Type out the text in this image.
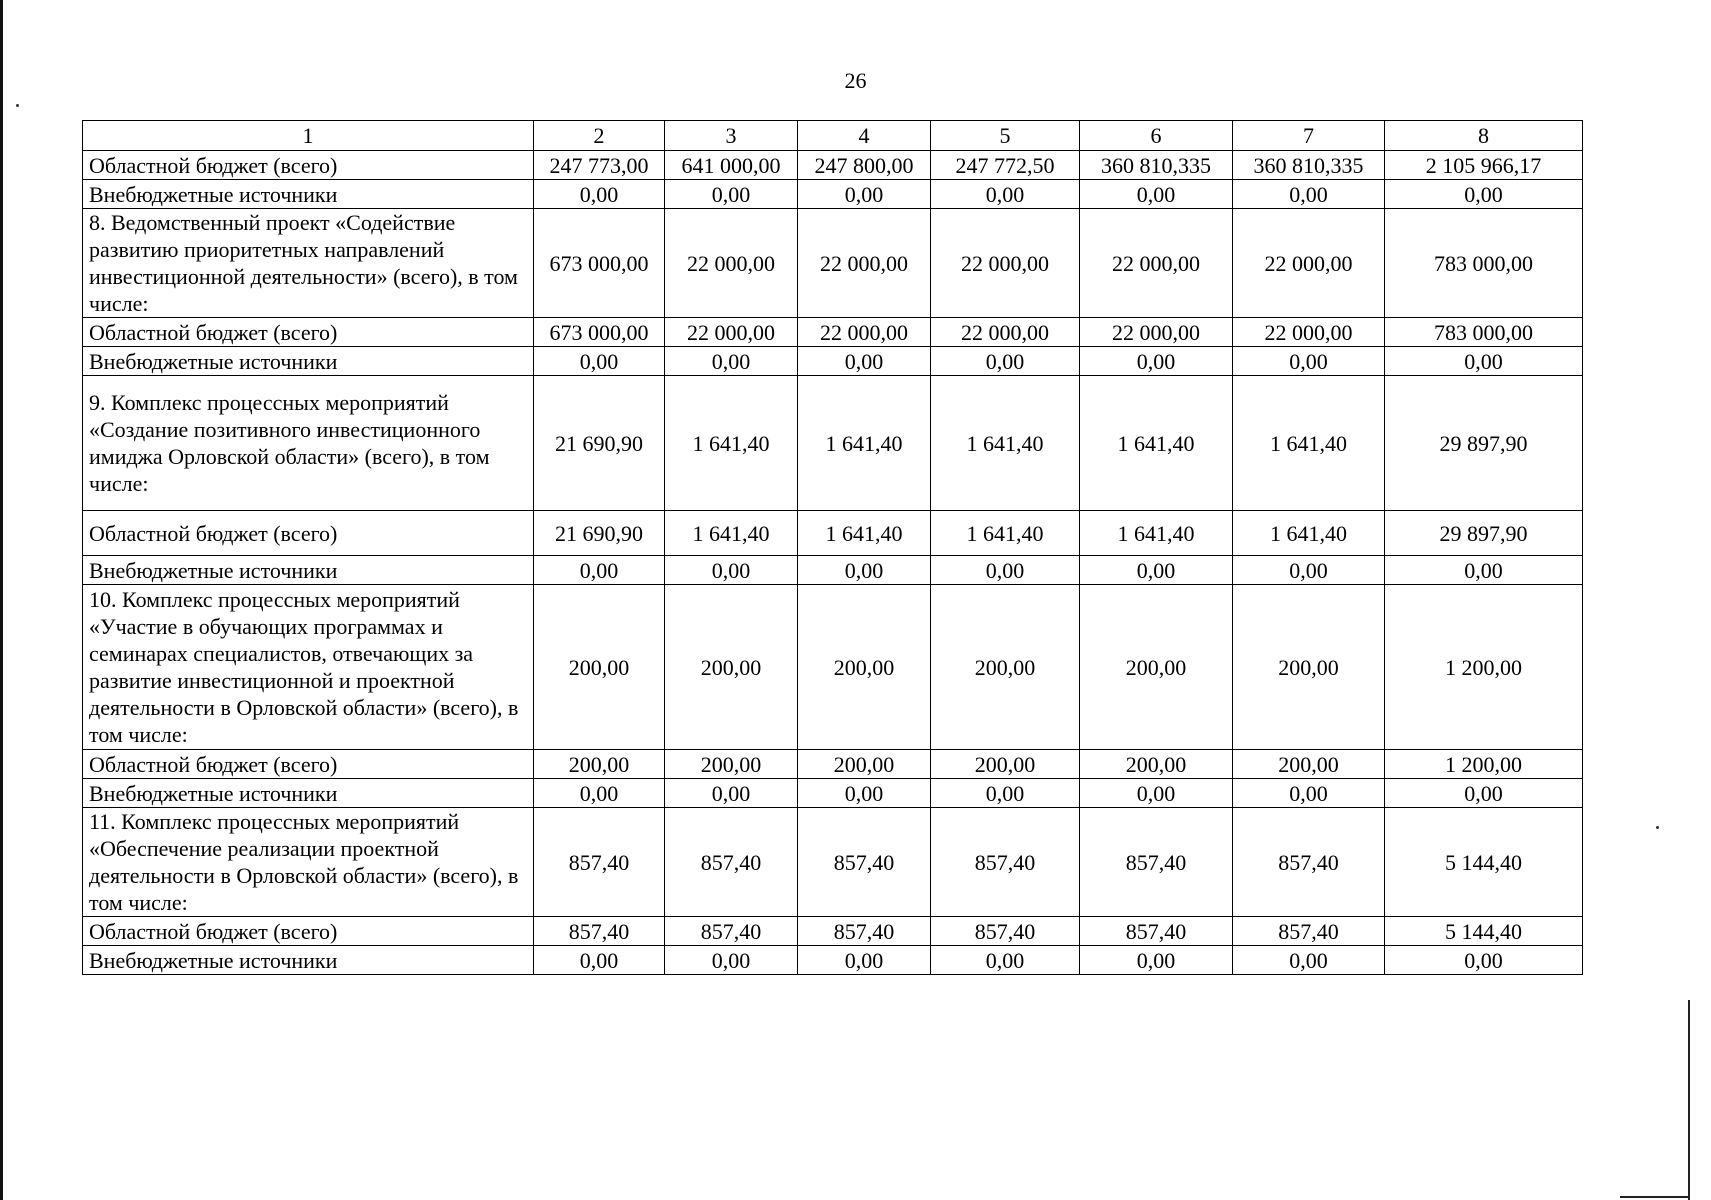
26
1	2	3	4	5	6	7	8
Областной бюджет (всего)	247 773,00	641 000,00	247 800,00	247 772,50	360 810,335	360 810,335	2 105 966,17
Внебюджетные источники	0,00	0,00	0,00	0,00	0,00	0,00	0,00
8. Ведомственный проект «Содействие развитию приоритетных направлений инвестиционной деятельности» (всего), в том числе:	673 000,00	22 000,00	22 000,00	22 000,00	22 000,00	22 000,00	783 000,00
Областной бюджет (всего)	673 000,00	22 000,00	22 000,00	22 000,00	22 000,00	22 000,00	783 000,00
Внебюджетные источники	0,00	0,00	0,00	0,00	0,00	0,00	0,00
9. Комплекс процессных мероприятий «Создание позитивного инвестиционного имиджа Орловской области» (всего), в том числе:	21 690,90	1 641,40	1 641,40	1 641,40	1 641,40	1 641,40	29 897,90
Областной бюджет (всего)	21 690,90	1 641,40	1 641,40	1 641,40	1 641,40	1 641,40	29 897,90
Внебюджетные источники	0,00	0,00	0,00	0,00	0,00	0,00	0,00
10. Комплекс процессных мероприятий «Участие в обучающих программах и семинарах специалистов, отвечающих за развитие инвестиционной и проектной деятельности в Орловской области» (всего), в том числе:	200,00	200,00	200,00	200,00	200,00	200,00	1 200,00
Областной бюджет (всего)	200,00	200,00	200,00	200,00	200,00	200,00	1 200,00
Внебюджетные источники	0,00	0,00	0,00	0,00	0,00	0,00	0,00
11. Комплекс процессных мероприятий «Обеспечение реализации проектной деятельности в Орловской области» (всего), в том числе:	857,40	857,40	857,40	857,40	857,40	857,40	5 144,40
Областной бюджет (всего)	857,40	857,40	857,40	857,40	857,40	857,40	5 144,40
Внебюджетные источники	0,00	0,00	0,00	0,00	0,00	0,00	0,00
